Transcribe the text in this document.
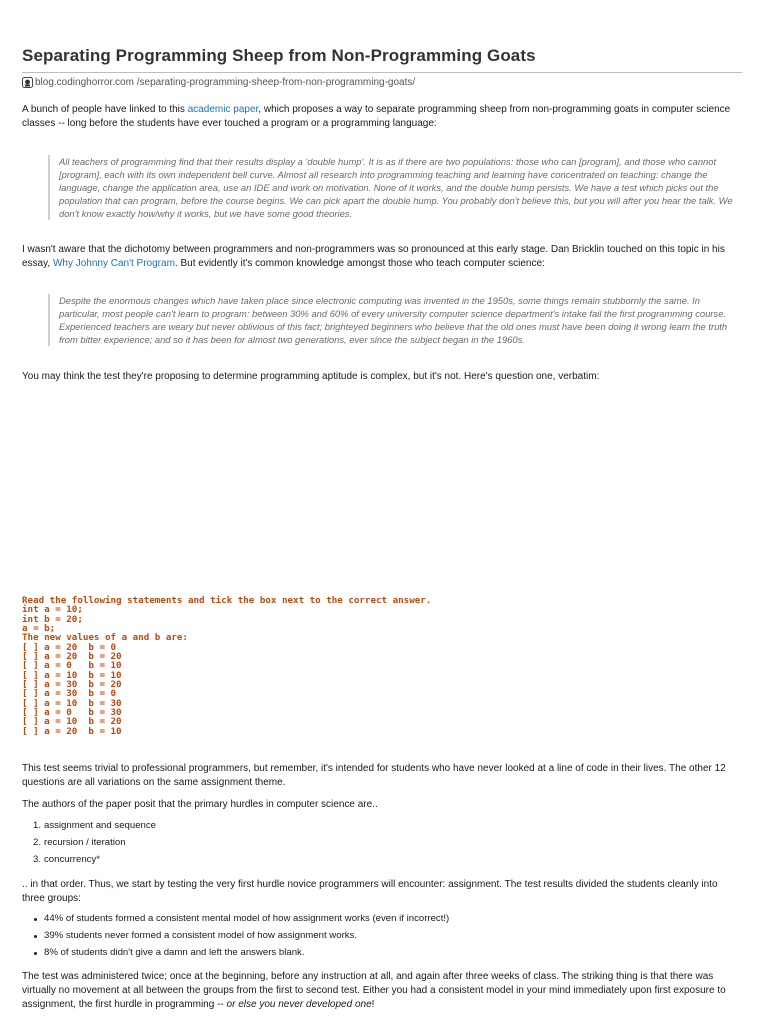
Separating Programming Sheep from Non-Programming Goats
blog.codinghorror.com /separating-programming-sheep-from-non-programming-goats/

A bunch of people have linked to this academic paper, which proposes a way to separate programming sheep from non-programming goats in computer science classes -- long before the students have ever touched a program or a programming language:

All teachers of programming find that their results display a 'double hump'. It is as if there are two populations: those who can [program], and those who cannot [program], each with its own independent bell curve. Almost all research into programming teaching and learning have concentrated on teaching: change the language, change the application area, use an IDE and work on motivation. None of it works, and the double hump persists. We have a test which picks out the population that can program, before the course begins. We can pick apart the double hump. You probably don't believe this, but you will after you hear the talk. We don't know exactly how/why it works, but we have some good theories.

I wasn't aware that the dichotomy between programmers and non-programmers was so pronounced at this early stage. Dan Bricklin touched on this topic in his essay, Why Johnny Can't Program. But evidently it's common knowledge amongst those who teach computer science:

Despite the enormous changes which have taken place since electronic computing was invented in the 1950s, some things remain stubbornly the same. In particular, most people can't learn to program: between 30% and 60% of every university computer science department's intake fail the first programming course. Experienced teachers are weary but never oblivious of this fact; brighteyed beginners who believe that the old ones must have been doing it wrong learn the truth from bitter experience; and so it has been for almost two generations, ever since the subject began in the 1960s.

You may think the test they're proposing to determine programming aptitude is complex, but it's not. Here's question one, verbatim:

Read the following statements and tick the box next to the correct answer.
int a = 10;
int b = 20;
a = b;
The new values of a and b are:
[ ] a = 20  b = 0
[ ] a = 20  b = 20
[ ] a = 0   b = 10
[ ] a = 10  b = 10
[ ] a = 30  b = 20
[ ] a = 30  b = 0
[ ] a = 10  b = 30
[ ] a = 0   b = 30
[ ] a = 10  b = 20
[ ] a = 20  b = 10

This test seems trivial to professional programmers, but remember, it's intended for students who have never looked at a line of code in their lives. The other 12 questions are all variations on the same assignment theme.

The authors of the paper posit that the primary hurdles in computer science are..

1. assignment and sequence
2. recursion / iteration
3. concurrency*

.. in that order. Thus, we start by testing the very first hurdle novice programmers will encounter: assignment. The test results divided the students cleanly into three groups:

44% of students formed a consistent mental model of how assignment works (even if incorrect!)
39% students never formed a consistent model of how assignment works.
8% of students didn't give a damn and left the answers blank.

The test was administered twice; once at the beginning, before any instruction at all, and again after three weeks of class. The striking thing is that there was virtually no movement at all between the groups from the first to second test. Either you had a consistent model in your mind immediately upon first exposure to assignment, the first hurdle in programming -- or else you never developed one!
